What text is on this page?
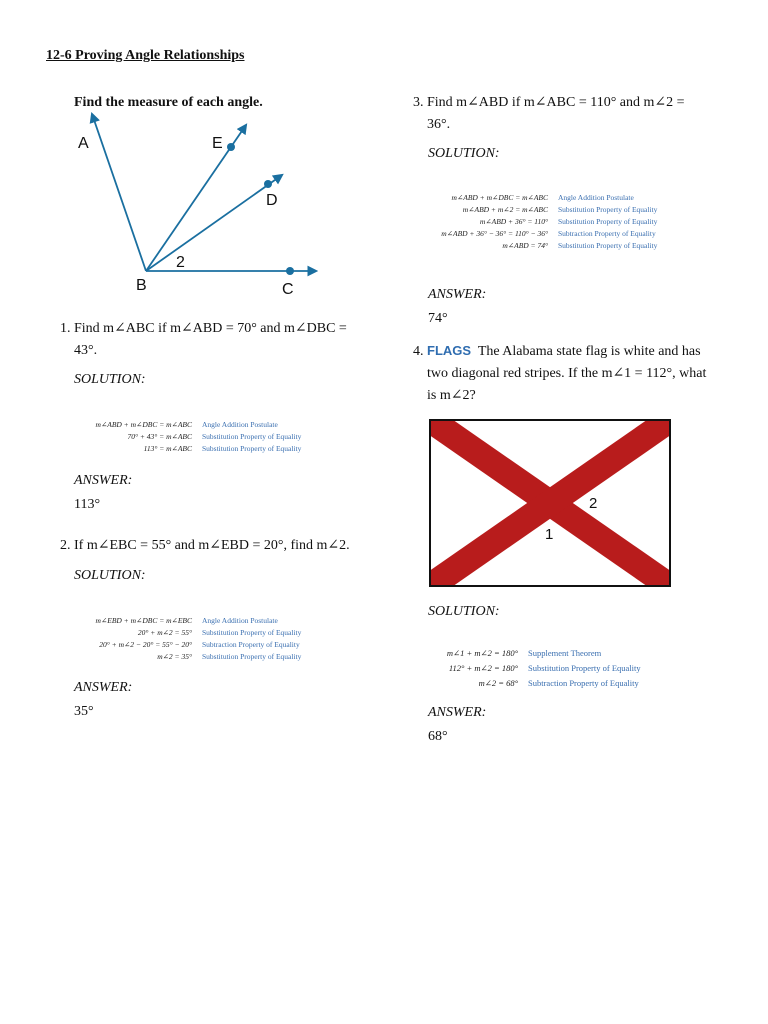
12-6 Proving Angle Relationships
Find the measure of each angle.
A	E
D
B	C
2
1. Find m∠ABC if m∠ABD = 70° and m∠DBC =
43°.
SOLUTION:
m∠ABD + m∠DBC = m∠ABC Angle Addition Postulate
70° + 43° = m∠ABC Substitution Property of Equality
113° = m∠ABC Substitution Property of Equality
ANSWER:
113°
2. If m∠EBC = 55° and m∠EBD = 20°, find m∠2.
SOLUTION:
m∠EBD + m∠DBC = m∠EBC Angle Addition Postulate
20° + m∠2 = 55° Substitution Property of Equality
20° + m∠2 − 20° = 55° − 20° Subtraction Property of Equality
m∠2 = 35° Substitution Property of Equality
ANSWER:
35°
3. Find m∠ABD if m∠ABC = 110° and m∠2 =
36°.
SOLUTION:
m∠ABD + m∠DBC = m∠ABC Angle Addition Postulate
m∠ABD + m∠2 = m∠ABC Substitution Property of Equality
m∠ABD + 36° = 110° Substitution Property of Equality
m∠ABD + 36° − 36° = 110° − 36° Subtraction Property of Equality
m∠ABD = 74° Substitution Property of Equality
ANSWER:
74°
4. FLAGS The Alabama state flag is white and has
two diagonal red stripes. If the m∠1 = 112°, what
is m∠2?
1
2
SOLUTION:
m∠1 + m∠2 = 180° Supplement Theorem
112° + m∠2 = 180° Substitution Property of Equality
m∠2 = 68° Subtraction Property of Equality
ANSWER:
68°
